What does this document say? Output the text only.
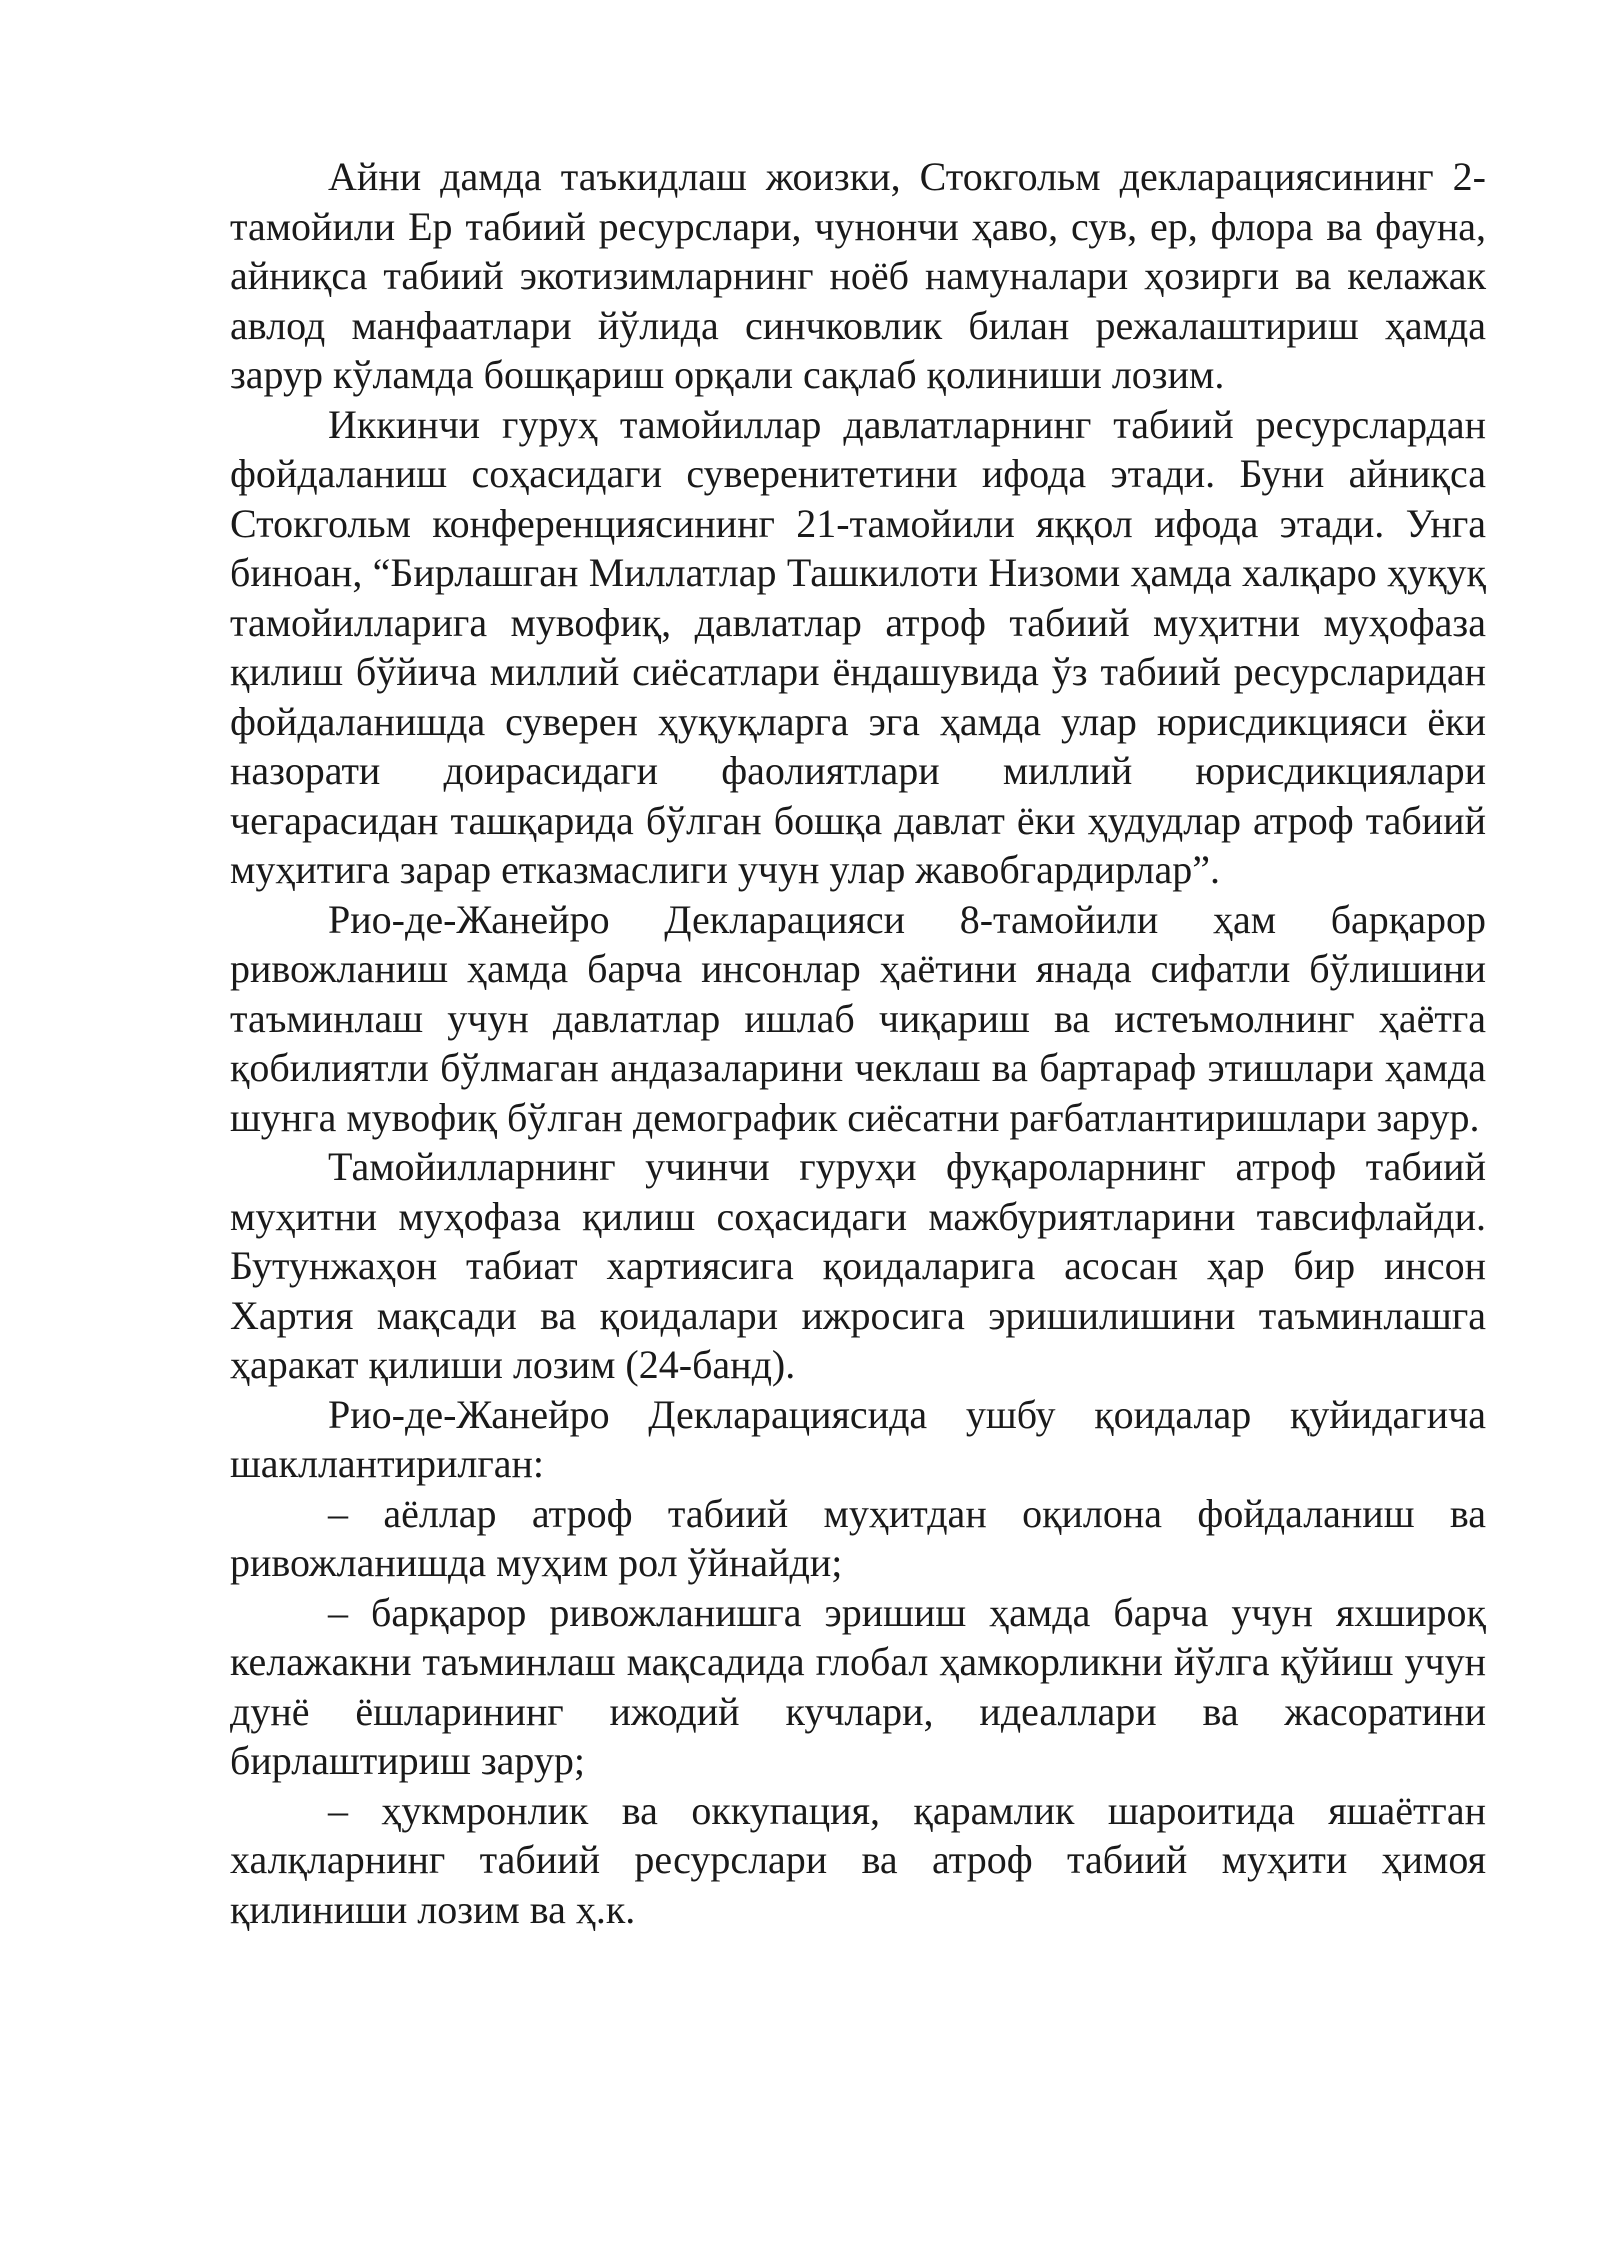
Айни дамда таъкидлаш жоизки, Стокгольм декларациясининг 2-тамойили Ер табиий ресурслари, чунончи ҳаво, сув, ер, флора ва фауна, айниқса табиий экотизимларнинг ноёб намуналари ҳозирги ва келажак авлод манфаатлари йўлида синчковлик билан режалаштириш ҳамда зарур кўламда бошқариш орқали сақлаб қолиниши лозим.

Иккинчи гуруҳ тамойиллар давлатларнинг табиий ресурслардан фойдаланиш соҳасидаги суверенитетини ифода этади. Буни айниқса Стокгольм конференциясининг 21-тамойили яққол ифода этади. Унга биноан, “Бирлашган Миллатлар Ташкилоти Низоми ҳамда халқаро ҳуқуқ тамойилларига мувофиқ, давлатлар атроф табиий муҳитни муҳофаза қилиш бўйича миллий сиёсатлари ёндашувида ўз табиий ресурсларидан фойдаланишда суверен ҳуқуқларга эга ҳамда улар юрисдикцияси ёки назорати доирасидаги фаолиятлари миллий юрисдикциялари чегарасидан ташқарида бўлган бошқа давлат ёки ҳудудлар атроф табиий муҳитига зарар етказмаслиги учун улар жавобгардирлар”.

Рио-де-Жанейро Декларацияси 8-тамойили ҳам барқарор ривожланиш ҳамда барча инсонлар ҳаётини янада сифатли бўлишини таъминлаш учун давлатлар ишлаб чиқариш ва истеъмолнинг ҳаётга қобилиятли бўлмаган андазаларини чеклаш ва бартараф этишлари ҳамда шунга мувофиқ бўлган демографик сиёсатни рағбатлантиришлари зарур.

Тамойилларнинг учинчи гуруҳи фуқароларнинг атроф табиий муҳитни муҳофаза қилиш соҳасидаги мажбуриятларини тавсифлайди. Бутунжаҳон табиат хартиясига қоидаларига асосан ҳар бир инсон Хартия мақсади ва қоидалари ижросига эришилишини таъминлашга ҳаракат қилиши лозим (24-банд).

Рио-де-Жанейро Декларациясида ушбу қоидалар қуйидагича шакллантирилган:

– аёллар атроф табиий муҳитдан оқилона фойдаланиш ва ривожланишда муҳим рол ўйнайди;

– барқарор ривожланишга эришиш ҳамда барча учун яхшироқ келажакни таъминлаш мақсадида глобал ҳамкорликни йўлга қўйиш учун дунё ёшларининг ижодий кучлари, идеаллари ва жасоратини бирлаштириш зарур;

– ҳукмронлик ва оккупация, қарамлик шароитида яшаётган халқларнинг табиий ресурслари ва атроф табиий муҳити ҳимоя қилиниши лозим ва ҳ.к.
